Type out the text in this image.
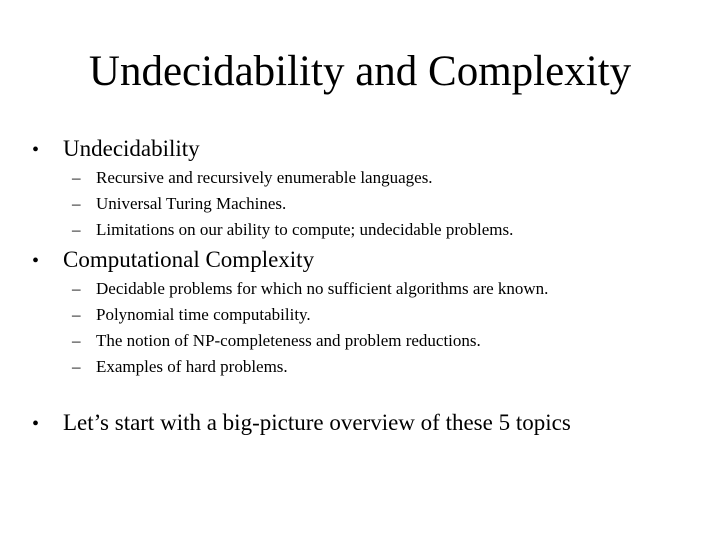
Undecidability and Complexity
• Undecidability
– Recursive and recursively enumerable languages.
– Universal Turing Machines.
– Limitations on our ability to compute; undecidable problems.
• Computational Complexity
– Decidable problems for which no sufficient algorithms are known.
– Polynomial time computability.
– The notion of NP-completeness and problem reductions.
– Examples of hard problems.
• Let’s start with a big-picture overview of these 5 topics
